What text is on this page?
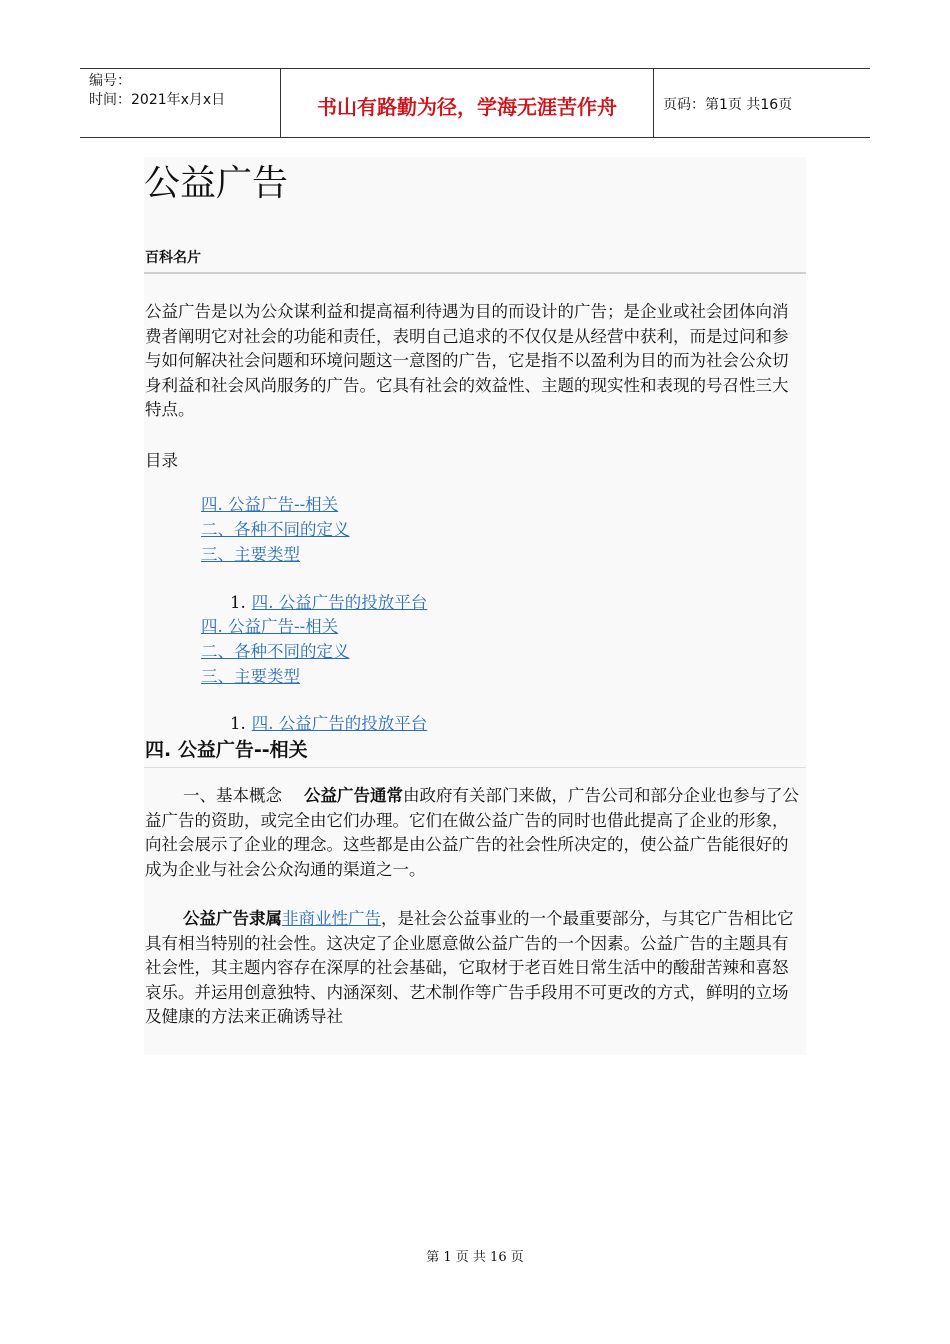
编号：
时间：2021年x月x日	书山有路勤为径，学海无涯苦作舟	页码：第1页 共16页
公益广告
百科名片

公益广告是以为公众谋利益和提高福利待遇为目的而设计的广告；是企业或社会团体向消费者阐明它对社会的功能和责任，表明自己追求的不仅仅是从经营中获利，而是过问和参与如何解决社会问题和环境问题这一意图的广告，它是指不以盈利为目的而为社会公众切身利益和社会风尚服务的广告。它具有社会的效益性、主题的现实性和表现的号召性三大特点。

目录
四. 公益广告--相关
二、各种不同的定义
三、主要类型
1. 四. 公益广告的投放平台
四. 公益广告--相关
二、各种不同的定义
三、主要类型
1. 四. 公益广告的投放平台
四. 公益广告--相关

一、基本概念 公益广告通常由政府有关部门来做，广告公司和部分企业也参与了公益广告的资助，或完全由它们办理。它们在做公益广告的同时也借此提高了企业的形象，向社会展示了企业的理念。这些都是由公益广告的社会性所决定的，使公益广告能很好的成为企业与社会公众沟通的渠道之一。

公益广告隶属非商业性广告，是社会公益事业的一个最重要部分，与其它广告相比它具有相当特别的社会性。这决定了企业愿意做公益广告的一个因素。公益广告的主题具有社会性，其主题内容存在深厚的社会基础，它取材于老百姓日常生活中的酸甜苦辣和喜怒哀乐。并运用创意独特、内涵深刻、艺术制作等广告手段用不可更改的方式，鲜明的立场及健康的方法来正确诱导社

第 1 页 共 16 页
